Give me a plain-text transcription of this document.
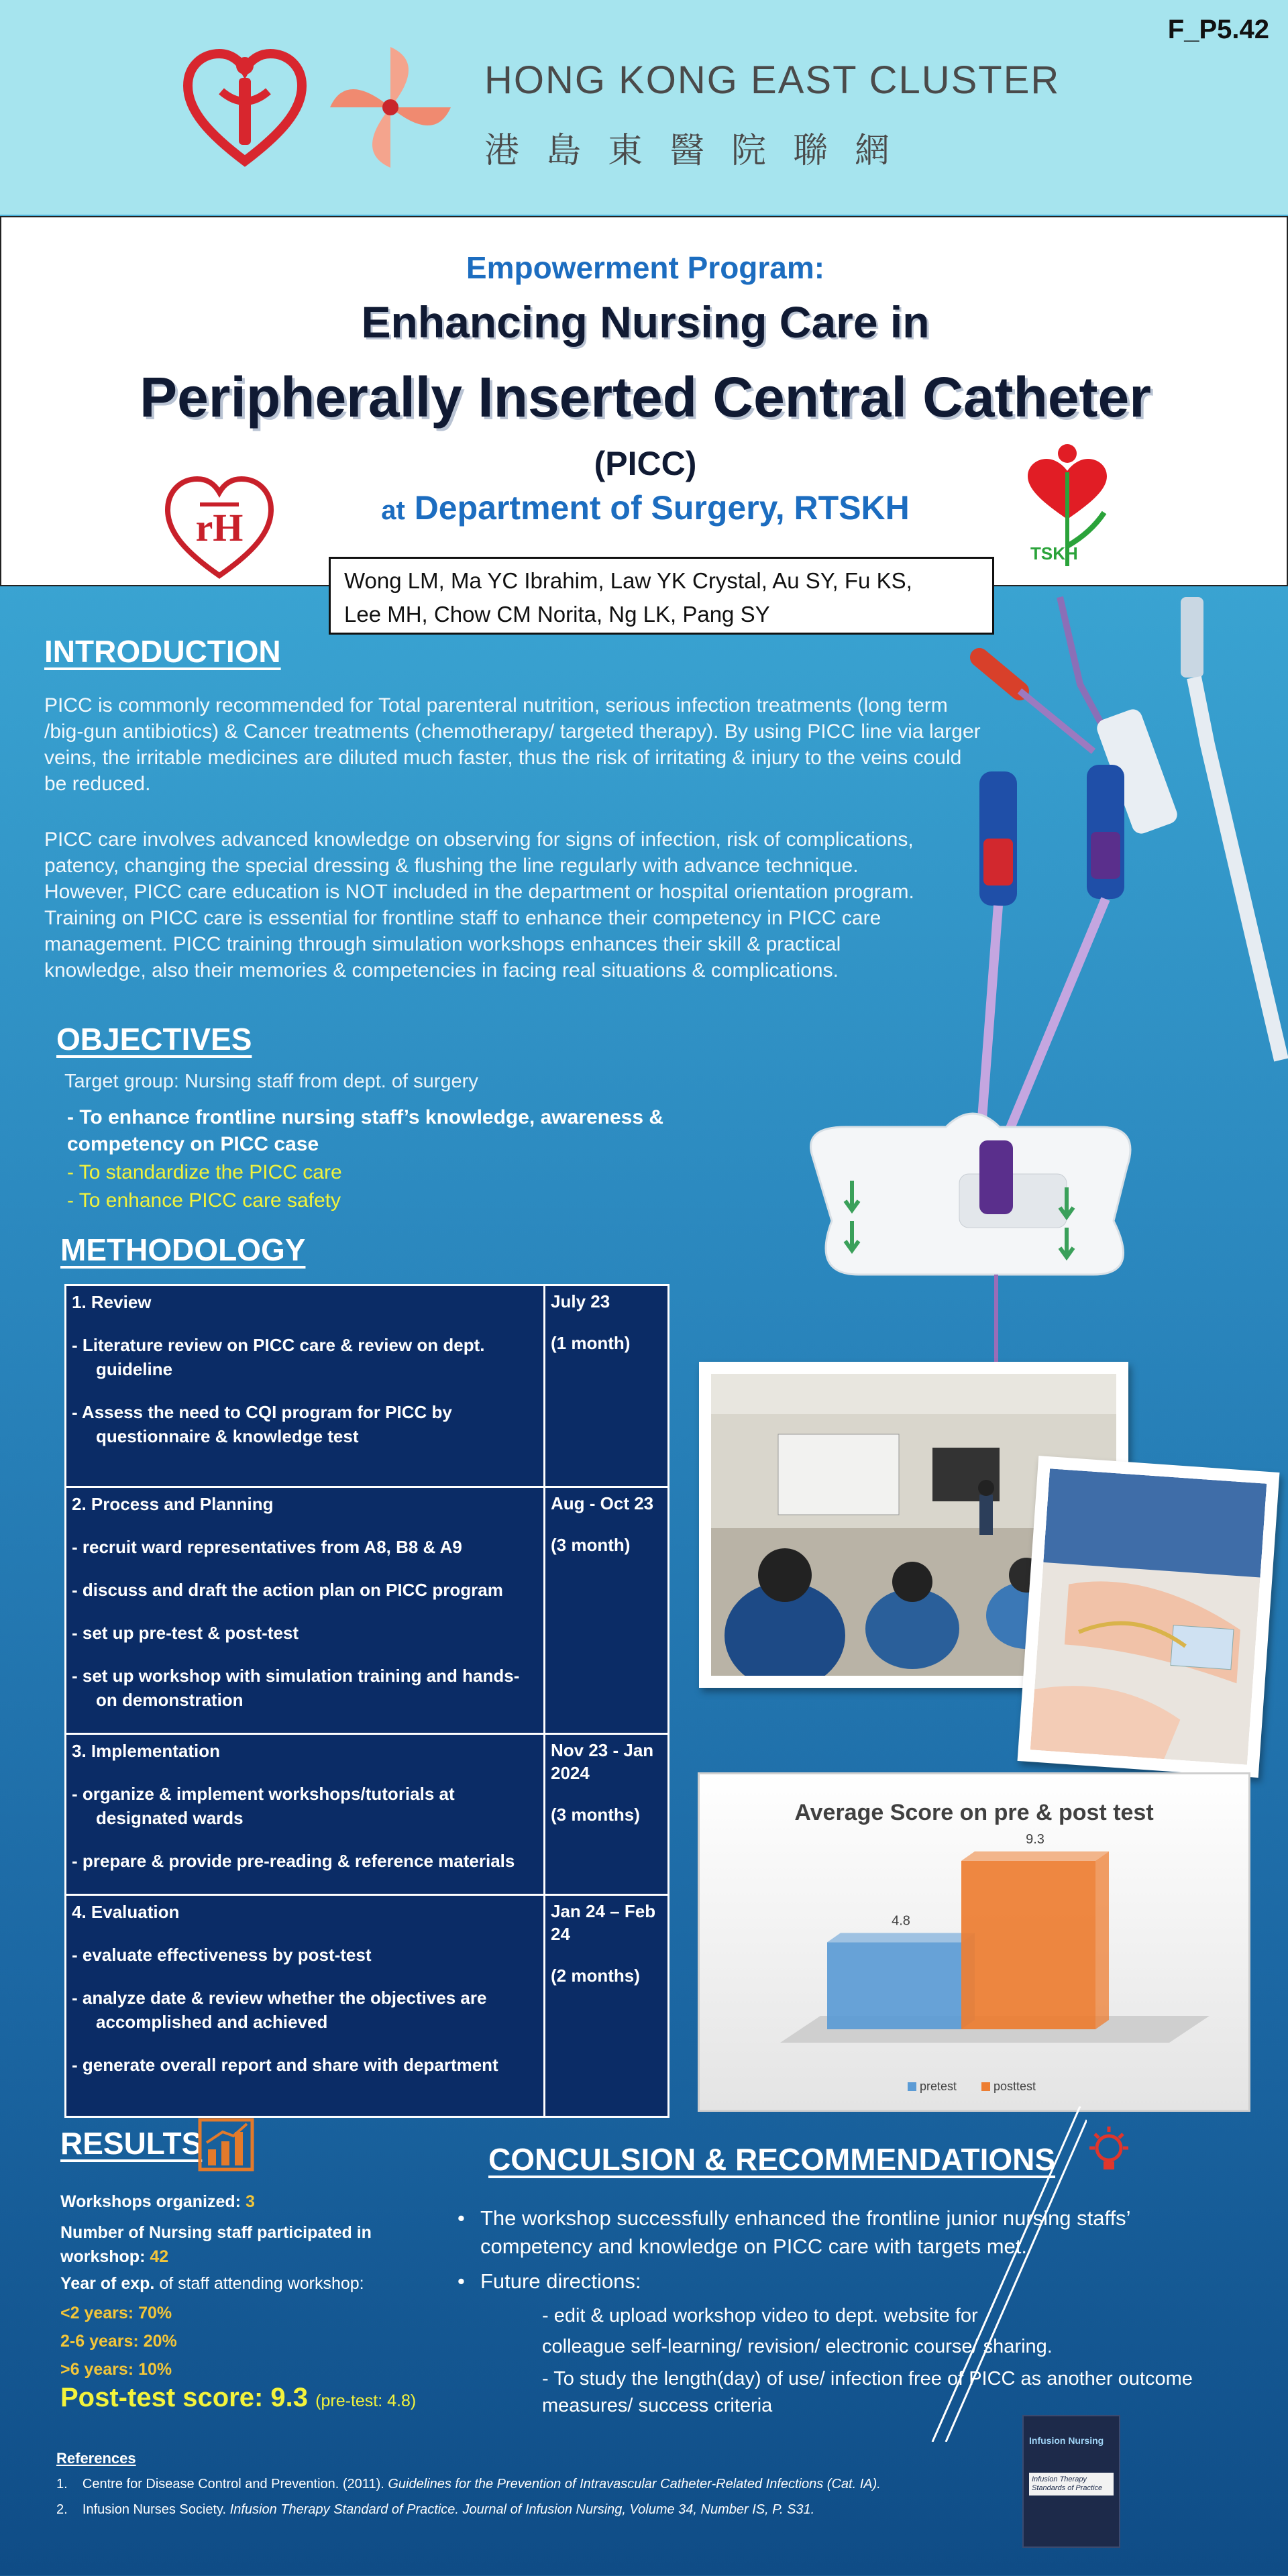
HONG KONG EAST CLUSTER
港島東醫院聯網
F_P5.42
Empowerment Program:
Enhancing Nursing Care in
Peripherally Inserted Central Catheter
(PICC)
at Department of Surgery, RTSKH
rH
TSKH
Wong LM, Ma YC Ibrahim, Law YK Crystal, Au SY, Fu KS,
Lee MH, Chow CM Norita, Ng LK, Pang SY
INTRODUCTION
PICC is commonly recommended for Total parenteral nutrition, serious infection treatments (long term /big-gun antibiotics) & Cancer treatments (chemotherapy/ targeted therapy). By using PICC line via larger veins, the irritable medicines are diluted much faster, thus the risk of irritating & injury to the veins could be reduced.
PICC care involves advanced knowledge on observing for signs of infection, risk of complications, patency, changing the special dressing & flushing the line regularly with advance technique. However, PICC care education is NOT included in the department or hospital orientation program. Training on PICC care is essential for frontline staff to enhance their competency in PICC care management. PICC training through simulation workshops enhances their skill & practical knowledge, also their memories & competencies in facing real situations & complications.
OBJECTIVES
Target group: Nursing staff from dept. of surgery
- To enhance frontline nursing staff’s knowledge, awareness & competency on PICC case
- To standardize the PICC care
- To enhance PICC care safety
METHODOLOGY
1. Review
- Literature review on PICC care & review on dept. guideline
- Assess the need to CQI program for PICC by questionnaire & knowledge test
July 23
(1 month)
2. Process and Planning
- recruit ward representatives from A8, B8 & A9
- discuss and draft the action plan on PICC program
- set up pre-test & post-test
- set up workshop with simulation training and hands-on demonstration
Aug - Oct 23
(3 month)
3. Implementation
- organize & implement workshops/tutorials at designated wards
- prepare & provide pre-reading & reference materials
Nov 23 - Jan 2024
(3 months)
4. Evaluation
- evaluate effectiveness by post-test
- analyze date & review whether the objectives are accomplished and achieved
- generate overall report and share with department
Jan 24 – Feb 24
(2 months)
Average Score on pre & post test
4.8
9.3
pretest	posttest
RESULTS
Workshops organized: 3
Number of Nursing staff participated in workshop: 42
Year of exp. of staff attending workshop:
<2 years: 70%
2-6 years: 20%
>6 years: 10%
Post-test score: 9.3 (pre-test: 4.8)
CONCULSION & RECOMMENDATIONS
• The workshop successfully enhanced the frontline junior nursing staffs’ competency and knowledge on PICC care with targets met.
• Future directions:
- edit & upload workshop video to dept. website for
colleague self-learning/ revision/ electronic course/ sharing.
- To study the length(day) of use/ infection free of PICC as another outcome measures/ success criteria
References
1. Centre for Disease Control and Prevention. (2011). Guidelines for the Prevention of Intravascular Catheter-Related Infections (Cat. IA).
2. Infusion Nurses Society. Infusion Therapy Standard of Practice. Journal of Infusion Nursing, Volume 34, Number IS, P. S31.
Infusion Nursing
Infusion Therapy Standards of Practice
